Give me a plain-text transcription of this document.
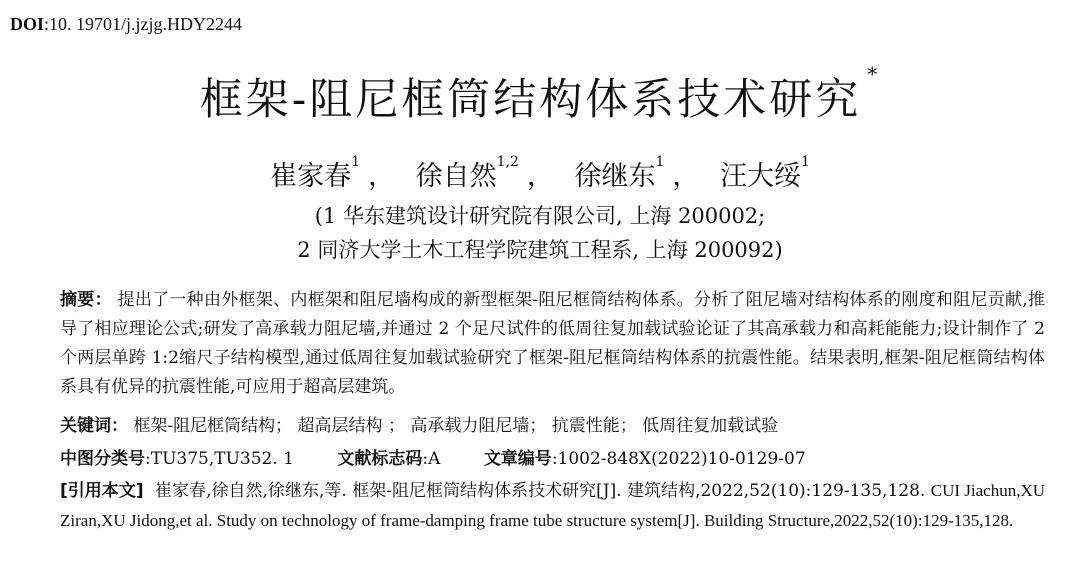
DOI:10. 19701/j.jzjg.HDY2244
框架-阻尼框筒结构体系技术研究*
崔家春$^1$ ， 徐自然$^{1,2}$ ， 徐继东$^1$ ， 汪大绥$^1$
(1 华东建筑设计研究院有限公司, 上海 200002;
2 同济大学土木工程学院建筑工程系, 上海 200092)
摘要： 提出了一种由外框架、内框架和阻尼墙构成的新型框架-阻尼框筒结构体系。分析了阻尼墙对结构体系的刚度和阻尼贡献,推导了相应理论公式;研发了高承载力阻尼墙,并通过 2 个足尺试件的低周往复加载试验论证了其高承载力和高耗能能力;设计制作了 2 个两层单跨 1:2缩尺子结构模型,通过低周往复加载试验研究了框架-阻尼框筒结构体系的抗震性能。结果表明,框架-阻尼框筒结构体系具有优异的抗震性能,可应用于超高层建筑。
关键词： 框架-阻尼框筒结构； 超高层结构 ； 高承载力阻尼墙； 抗震性能； 低周往复加载试验
中图分类号:TU375,TU352. 1	文献标志码:A	文章编号:1002-848X(2022)10-0129-07
[引用本文] 崔家春,徐自然,徐继东,等. 框架-阻尼框筒结构体系技术研究[J]. 建筑结构,2022,52(10):129-135,128. CUI Jiachun,XU Ziran,XU Jidong,et al. Study on technology of frame-damping frame tube structure system[J]. Building Structure,2022,52(10):129-135,128.
